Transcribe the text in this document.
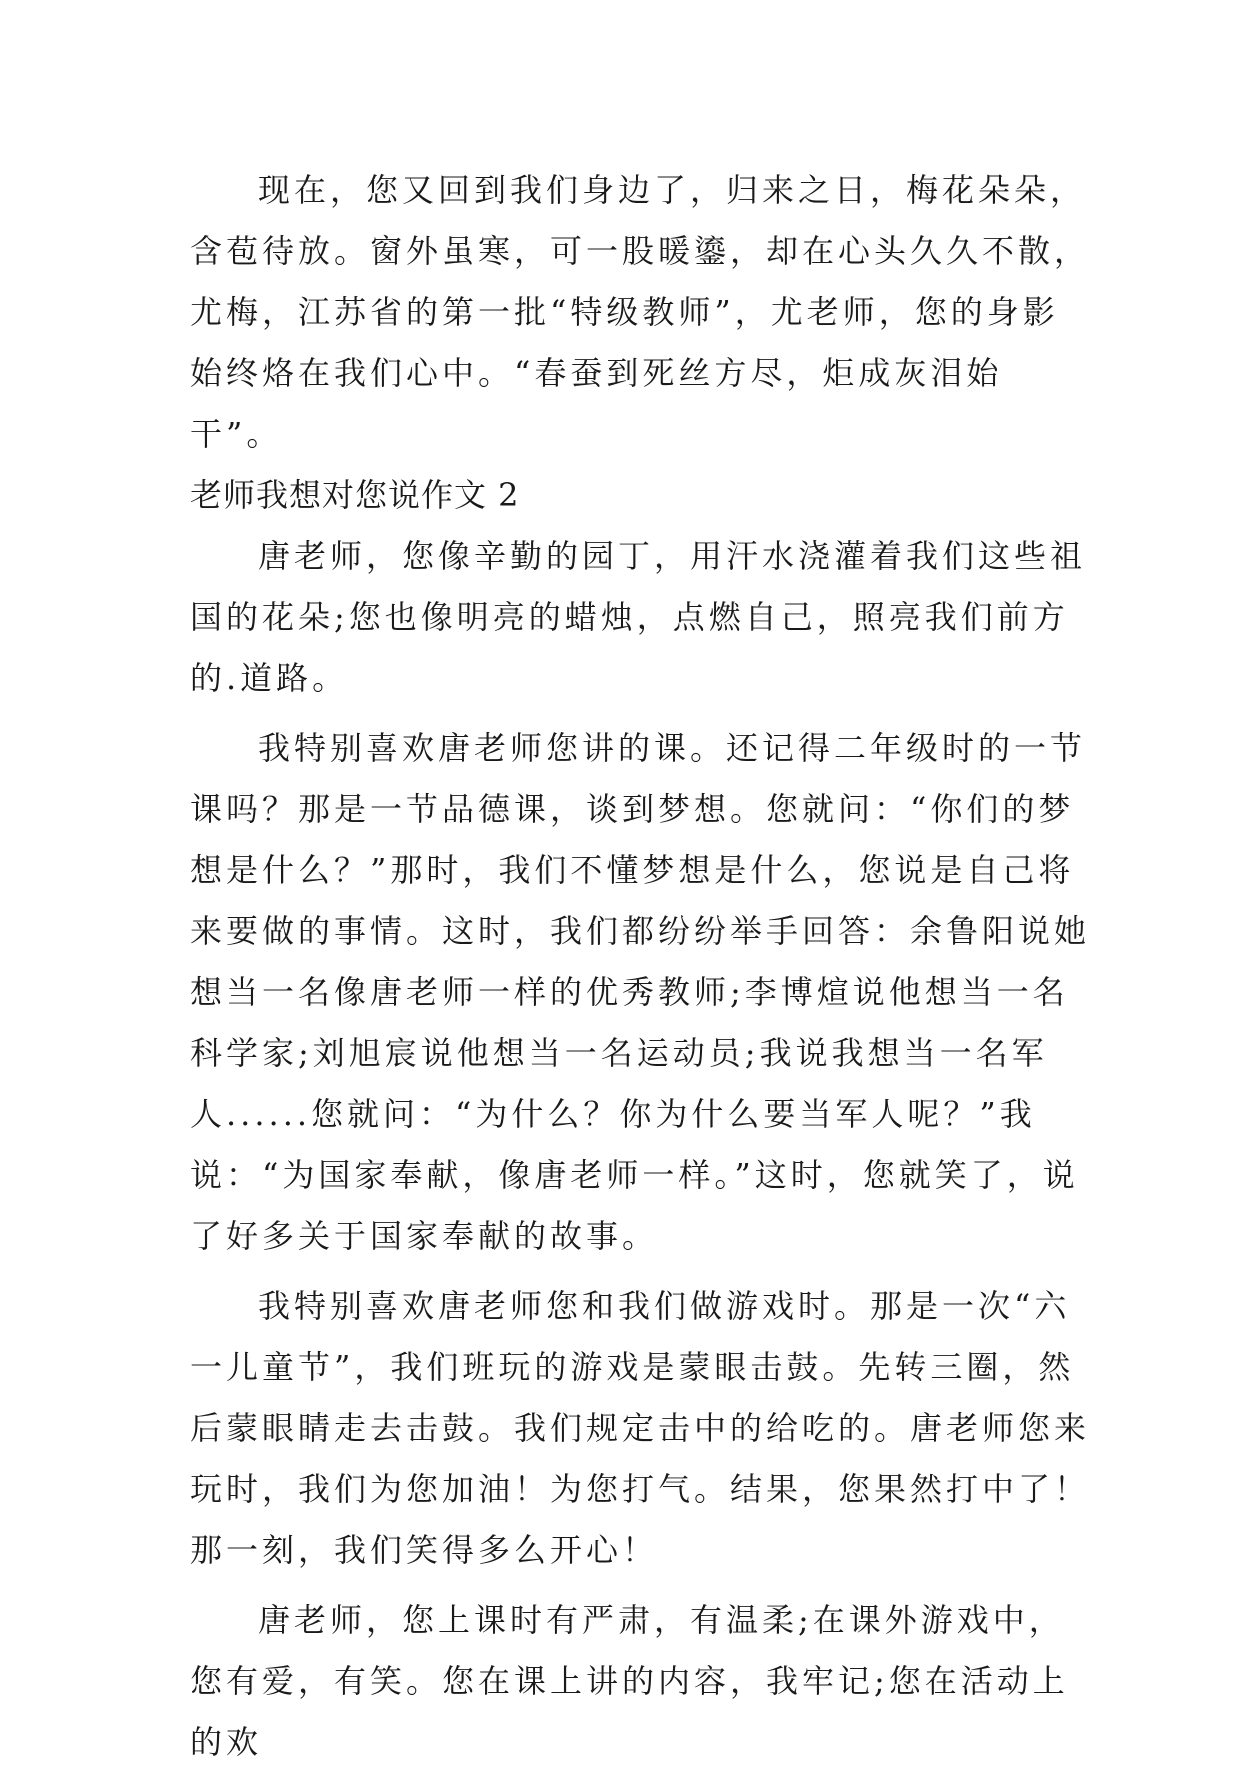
现在，您又回到我们身边了，归来之日，梅花朵朵，含苞待放。窗外虽寒，可一股暖鎏，却在心头久久不散，尤梅，江苏省的第一批“特级教师”，尤老师，您的身影始终烙在我们心中。“春蚕到死丝方尽，炬成灰泪始干”。

老师我想对您说作文 2

唐老师，您像辛勤的园丁，用汗水浇灌着我们这些祖国的花朵;您也像明亮的蜡烛，点燃自己，照亮我们前方的.道路。

我特别喜欢唐老师您讲的课。还记得二年级时的一节课吗？那是一节品德课，谈到梦想。您就问：“你们的梦想是什么？”那时，我们不懂梦想是什么，您说是自己将来要做的事情。这时，我们都纷纷举手回答：余鲁阳说她想当一名像唐老师一样的优秀教师;李博煊说他想当一名科学家;刘旭宸说他想当一名运动员;我说我想当一名军人......您就问：“为什么？你为什么要当军人呢？”我说：“为国家奉献，像唐老师一样。”这时，您就笑了，说了好多关于国家奉献的故事。

我特别喜欢唐老师您和我们做游戏时。那是一次“六一儿童节”，我们班玩的游戏是蒙眼击鼓。先转三圈，然后蒙眼睛走去击鼓。我们规定击中的给吃的。唐老师您来玩时，我们为您加油！为您打气。结果，您果然打中了！那一刻，我们笑得多么开心！

唐老师，您上课时有严肃，有温柔;在课外游戏中，您有爱，有笑。您在课上讲的内容，我牢记;您在活动上的欢
